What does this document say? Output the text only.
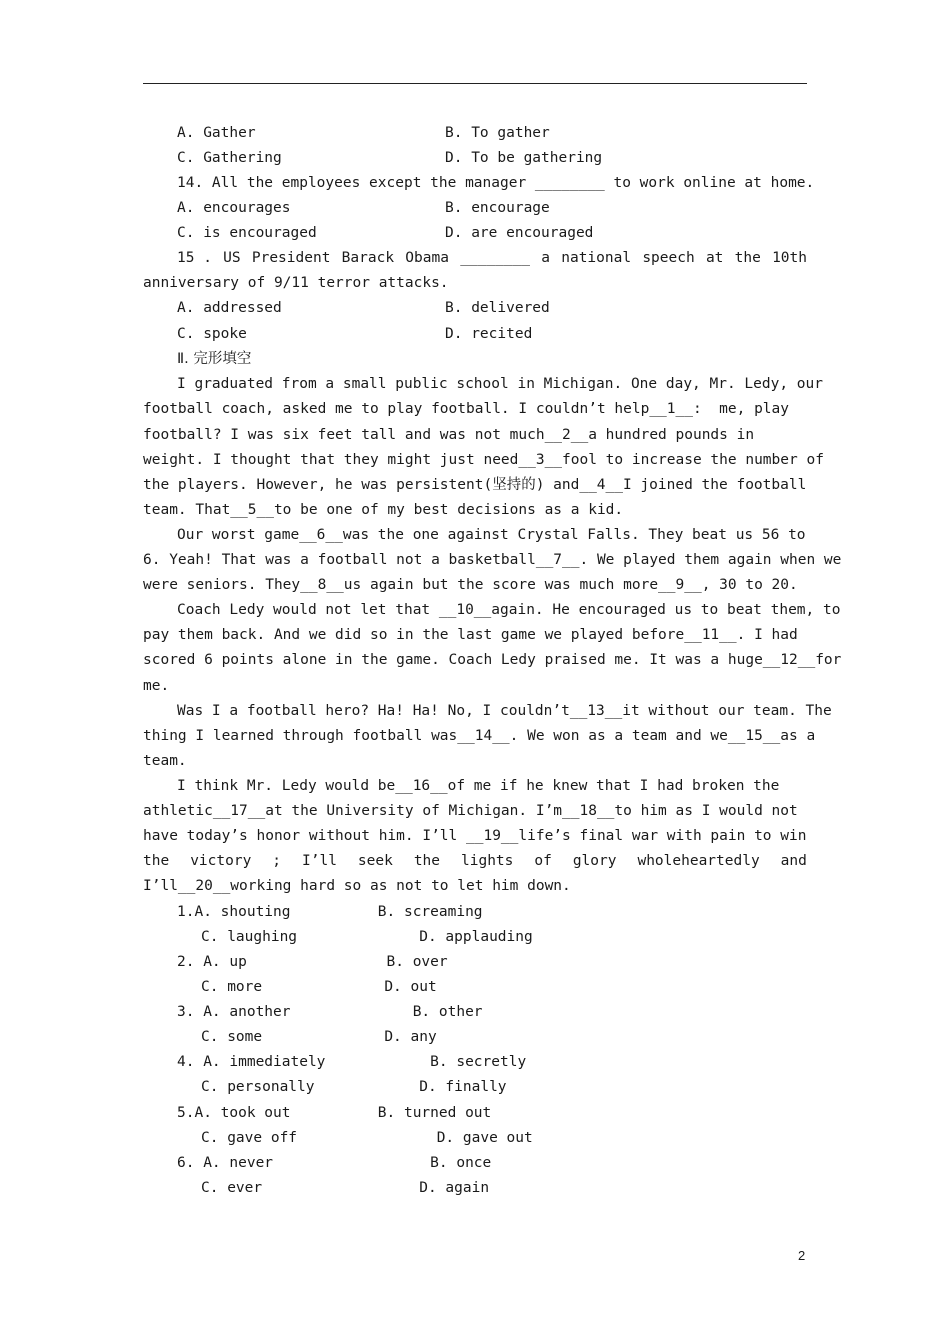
A. Gather	B. To gather
C. Gathering	D. To be gathering
14. All the employees except the manager ________ to work online at home.
A. encourages	B. encourage
C. is encouraged	D. are encouraged
15 . US President Barack Obama ________ a national speech at the 10th
anniversary of 9/11 terror attacks.
A. addressed	B. delivered
C. spoke	D. recited
Ⅱ. 完形填空
I graduated from a small public school in Michigan. One day, Mr. Ledy, our
football coach, asked me to play football. I couldn’t help__1__:  me, play
football? I was six feet tall and was not much__2__a hundred pounds in
weight. I thought that they might just need__3__fool to increase the number of
the players. However, he was persistent(坚持的) and__4__I joined the football
team. That__5__to be one of my best decisions as a kid.
Our worst game__6__was the one against Crystal Falls. They beat us 56 to
6. Yeah! That was a football not a basketball__7__. We played them again when we
were seniors. They__8__us again but the score was much more__9__, 30 to 20.
Coach Ledy would not let that __10__again. He encouraged us to beat them, to
pay them back. And we did so in the last game we played before__11__. I had
scored 6 points alone in the game. Coach Ledy praised me. It was a huge__12__for
me.
Was I a football hero? Ha! Ha! No, I couldn’t__13__it without our team. The
thing I learned through football was__14__. We won as a team and we__15__as a
team.
I think Mr. Ledy would be__16__of me if he knew that I had broken the
athletic__17__at the University of Michigan. I’m__18__to him as I would not
have today’s honor without him. I’ll __19__life’s final war with pain to win
the victory ; I’ll seek the lights of glory wholeheartedly and
I’ll__20__working hard so as not to let him down.
1.A. shouting          B. screaming
C. laughing              D. applauding
2. A. up                B. over
C. more              D. out
3. A. another              B. other
C. some              D. any
4. A. immediately            B. secretly
C. personally            D. finally
5.A. took out          B. turned out
C. gave off                D. gave out
6. A. never                  B. once
C. ever                  D. again
2
